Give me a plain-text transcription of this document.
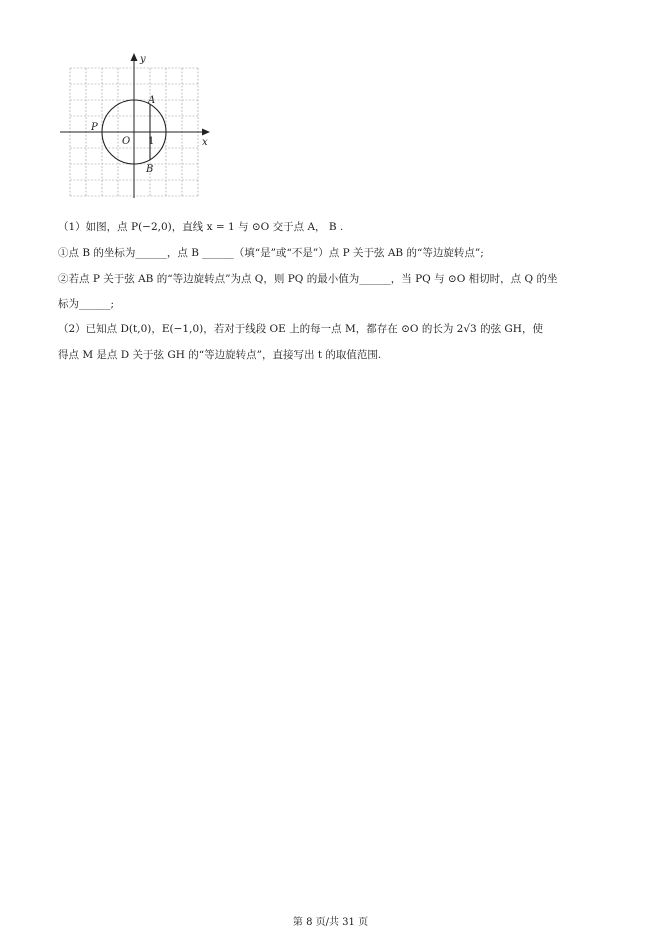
y
x
A
B
P
O 1
（1）如图，点 P(−2,0)，直线 x = 1 与 ⊙O 交于点 A， B .
①点 B 的坐标为______，点 B ______（填“是”或“不是”）点 P 关于弦 AB 的“等边旋转点”;
②若点 P 关于弦 AB 的“等边旋转点”为点 Q，则 PQ 的最小值为______，当 PQ 与 ⊙O 相切时，点 Q 的坐
标为______;
（2）已知点 D(t,0)，E(−1,0)，若对于线段 OE 上的每一点 M，都存在 ⊙O 的长为 2√3 的弦 GH，使
得点 M 是点 D 关于弦 GH 的“等边旋转点”，直接写出 t 的取值范围.
第 8 页/共 31 页
